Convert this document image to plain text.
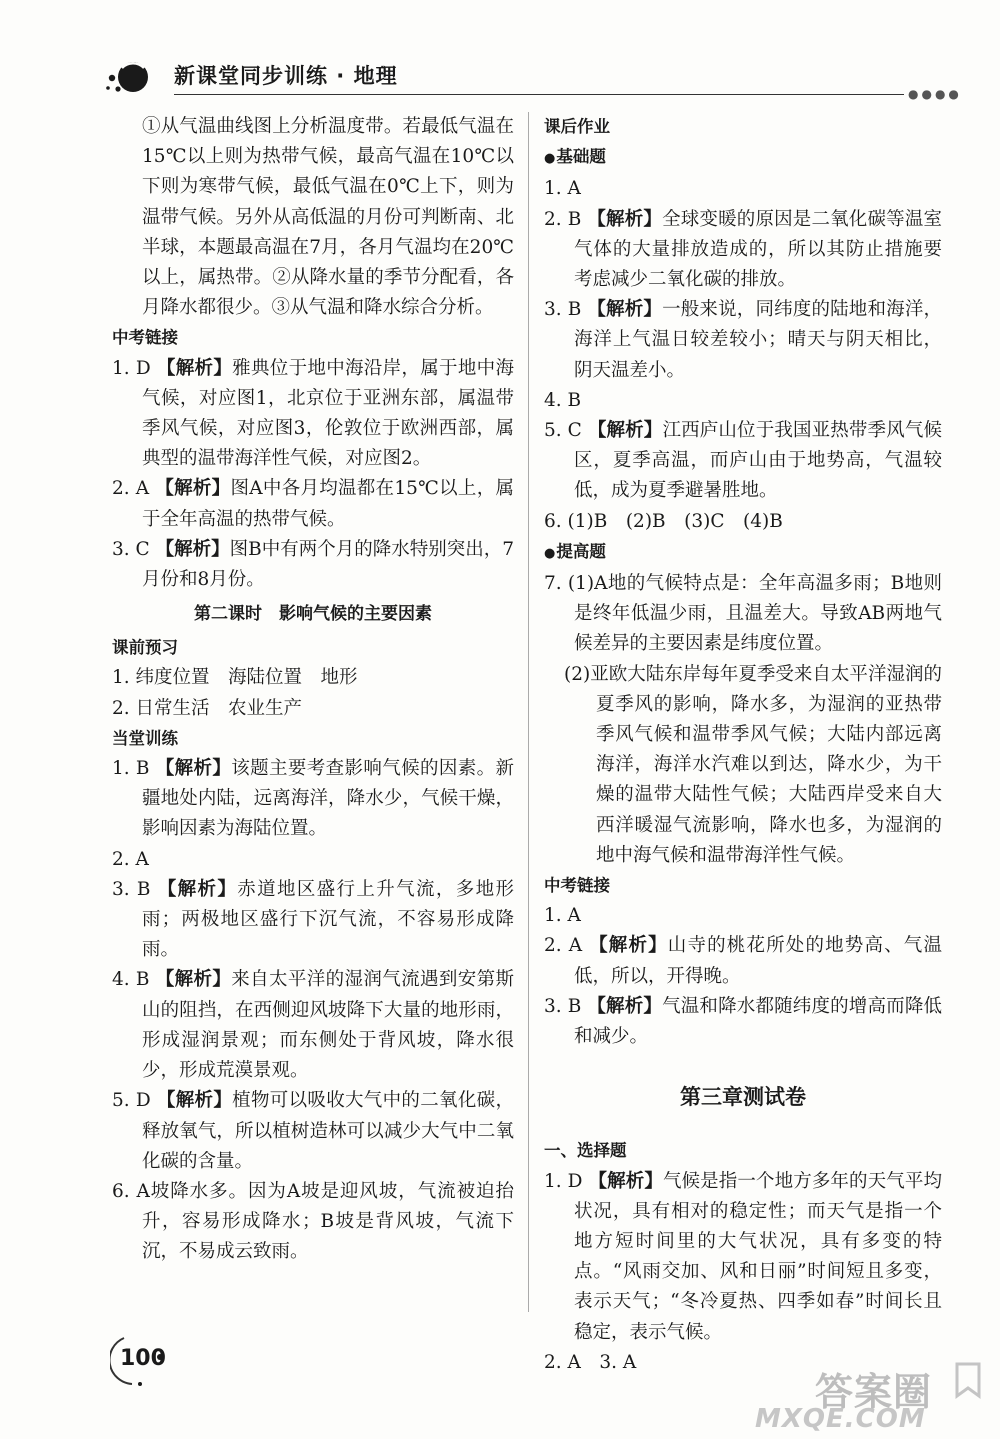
新课堂同步训练 · 地理
●●●●

①从气温曲线图上分析温度带。若最低气温在15℃以上则为热带气候，最高气温在10℃以下则为寒带气候，最低气温在0℃上下，则为温带气候。另外从高低温的月份可判断南、北半球，本题最高温在7月，各月气温均在20℃以上，属热带。②从降水量的季节分配看，各月降水都很少。③从气温和降水综合分析。

中考链接

1. D 【解析】雅典位于地中海沿岸，属于地中海气候，对应图1，北京位于亚洲东部，属温带季风气候，对应图3，伦敦位于欧洲西部，属典型的温带海洋性气候，对应图2。

2. A 【解析】图A中各月均温都在15℃以上，属于全年高温的热带气候。

3. C 【解析】图B中有两个月的降水特别突出，7月份和8月份。

第二课时　影响气候的主要因素
课前预习

1. 纬度位置　海陆位置　地形

2. 日常生活　农业生产

当堂训练

1. B 【解析】该题主要考查影响气候的因素。新疆地处内陆，远离海洋，降水少，气候干燥，影响因素为海陆位置。

2. A

3. B 【解析】赤道地区盛行上升气流，多地形雨；两极地区盛行下沉气流，不容易形成降雨。

4. B 【解析】来自太平洋的湿润气流遇到安第斯山的阻挡，在西侧迎风坡降下大量的地形雨，形成湿润景观；而东侧处于背风坡，降水很少，形成荒漠景观。

5. D 【解析】植物可以吸收大气中的二氧化碳，释放氧气，所以植树造林可以减少大气中二氧化碳的含量。

6. A坡降水多。因为A坡是迎风坡，气流被迫抬升，容易形成降水；B坡是背风坡，气流下沉，不易成云致雨。

课后作业
● 基础题

1. A

2. B 【解析】全球变暖的原因是二氧化碳等温室气体的大量排放造成的，所以其防止措施要考虑减少二氧化碳的排放。

3. B 【解析】一般来说，同纬度的陆地和海洋，海洋上气温日较差较小；晴天与阴天相比，阴天温差小。

4. B

5. C 【解析】江西庐山位于我国亚热带季风气候区，夏季高温，而庐山由于地势高，气温较低，成为夏季避暑胜地。

6. (1)B　(2)B　(3)C　(4)B

● 提高题

7. (1)A地的气候特点是：全年高温多雨；B地则是终年低温少雨，且温差大。导致AB两地气候差异的主要因素是纬度位置。

(2)亚欧大陆东岸每年夏季受来自太平洋湿润的夏季风的影响，降水多，为湿润的亚热带季风气候和温带季风气候；大陆内部远离海洋，海洋水汽难以到达，降水少，为干燥的温带大陆性气候；大陆西岸受来自大西洋暖湿气流影响，降水也多，为湿润的地中海气候和温带海洋性气候。

中考链接

1. A

2. A 【解析】山寺的桃花所处的地势高、气温低，所以，开得晚。

3. B 【解析】气温和降水都随纬度的增高而降低和减少。

第三章测试卷
一、选择题

1. D 【解析】气候是指一个地方多年的天气平均状况，具有相对的稳定性；而天气是指一个地方短时间里的大气状况，具有多变的特点。“风雨交加、风和日丽”时间短且多变，表示天气；“冬冷夏热、四季如春”时间长且稳定，表示气候。

2. A　3. A

100
答案圈
MXQE.COM
